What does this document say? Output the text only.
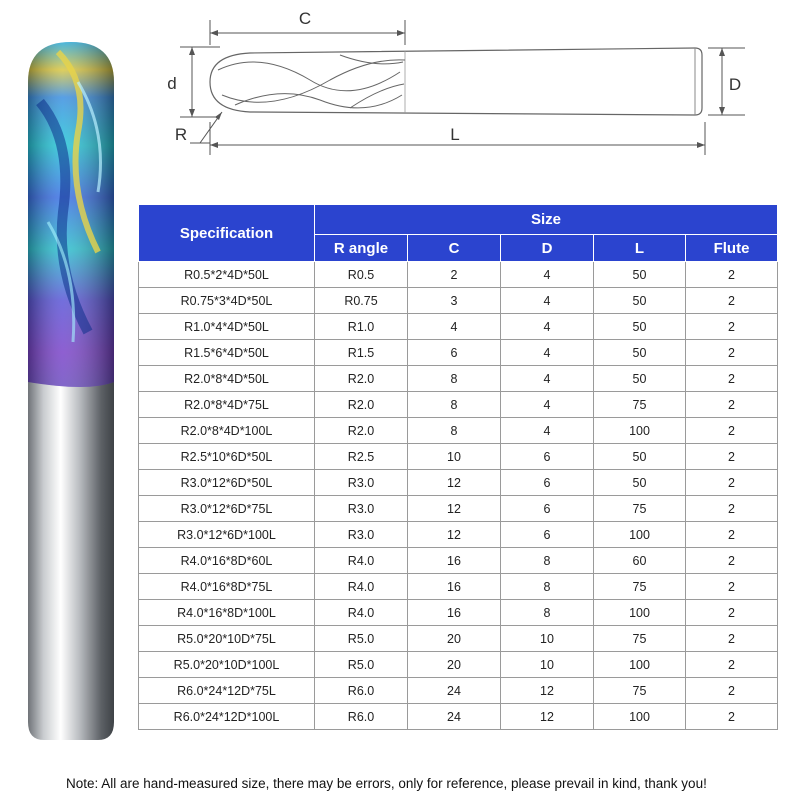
C
d	D
R	L
Specification	Size				
	R angle	C	D	L	Flute
R0.5*2*4D*50L	R0.5	2	4	50	2
R0.75*3*4D*50L	R0.75	3	4	50	2
R1.0*4*4D*50L	R1.0	4	4	50	2
R1.5*6*4D*50L	R1.5	6	4	50	2
R2.0*8*4D*50L	R2.0	8	4	50	2
R2.0*8*4D*75L	R2.0	8	4	75	2
R2.0*8*4D*100L	R2.0	8	4	100	2
R2.5*10*6D*50L	R2.5	10	6	50	2
R3.0*12*6D*50L	R3.0	12	6	50	2
R3.0*12*6D*75L	R3.0	12	6	75	2
R3.0*12*6D*100L	R3.0	12	6	100	2
R4.0*16*8D*60L	R4.0	16	8	60	2
R4.0*16*8D*75L	R4.0	16	8	75	2
R4.0*16*8D*100L	R4.0	16	8	100	2
R5.0*20*10D*75L	R5.0	20	10	75	2
R5.0*20*10D*100L	R5.0	20	10	100	2
R6.0*24*12D*75L	R6.0	24	12	75	2
R6.0*24*12D*100L	R6.0	24	12	100	2
Note: All are hand-measured size, there may be errors, only for reference, please prevail in kind, thank you!
